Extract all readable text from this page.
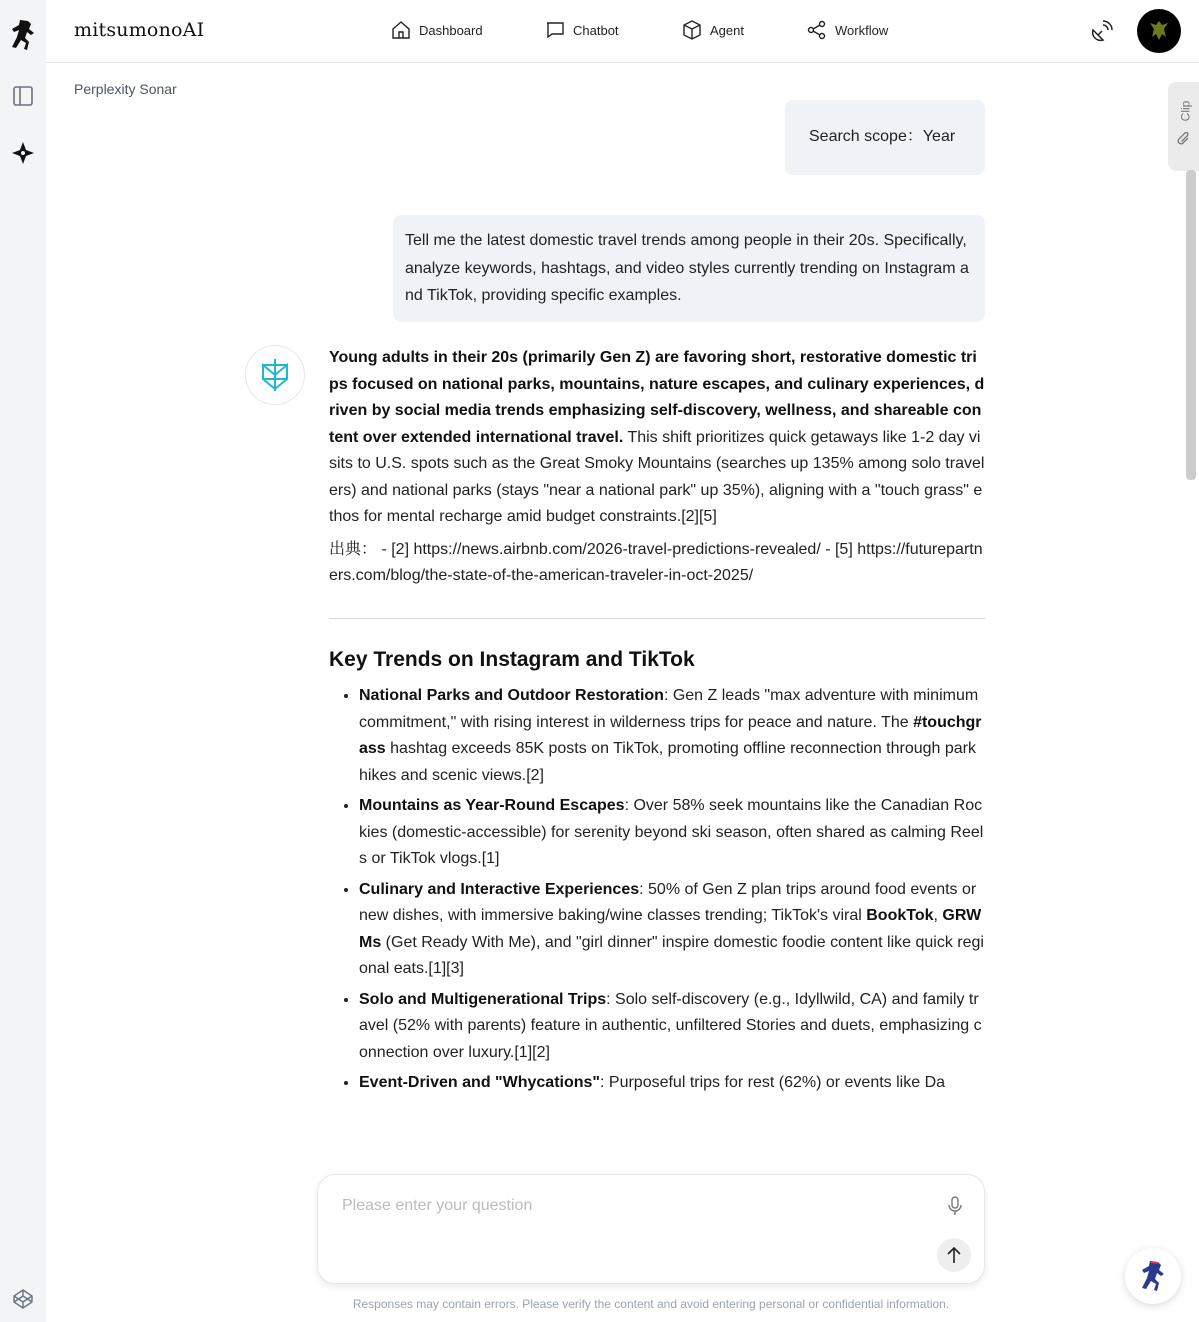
mitsumonoAI	Dashboard	Chatbot	Agent	Workflow
Perplexity Sonar
Clip
Search scope：Year
Tell me the latest domestic travel trends among people in their 20s. Specifically, analyze keywords, hashtags, and video styles currently trending on Instagram and TikTok, providing specific examples.

Young adults in their 20s (primarily Gen Z) are favoring short, restorative domestic trips focused on national parks, mountains, nature escapes, and culinary experiences, driven by social media trends emphasizing self-discovery, wellness, and shareable content over extended international travel. This shift prioritizes quick getaways like 1-2 day visits to U.S. spots such as the Great Smoky Mountains (searches up 135% among solo travelers) and national parks (stays "near a national park" up 35%), aligning with a "touch grass" ethos for mental recharge amid budget constraints.[2][5]

出典： - [2] https://news.airbnb.com/2026-travel-predictions-revealed/ - [5] https://futurepartners.com/blog/the-state-of-the-american-traveler-in-oct-2025/

Key Trends on Instagram and TikTok
• National Parks and Outdoor Restoration: Gen Z leads "max adventure with minimum commitment," with rising interest in wilderness trips for peace and nature. The #touchgrass hashtag exceeds 85K posts on TikTok, promoting offline reconnection through park hikes and scenic views.[2]
• Mountains as Year-Round Escapes: Over 58% seek mountains like the Canadian Rockies (domestic-accessible) for serenity beyond ski season, often shared as calming Reels or TikTok vlogs.[1]
• Culinary and Interactive Experiences: 50% of Gen Z plan trips around food events or new dishes, with immersive baking/wine classes trending; TikTok's viral BookTok, GRWMs (Get Ready With Me), and "girl dinner" inspire domestic foodie content like quick regional eats.[1][3]
• Solo and Multigenerational Trips: Solo self-discovery (e.g., Idyllwild, CA) and family travel (52% with parents) feature in authentic, unfiltered Stories and duets, emphasizing connection over luxury.[1][2]
• Event-Driven and "Whycations": Purposeful trips for rest (62%) or events like Da
Please enter your question
Responses may contain errors. Please verify the content and avoid entering personal or confidential information.
